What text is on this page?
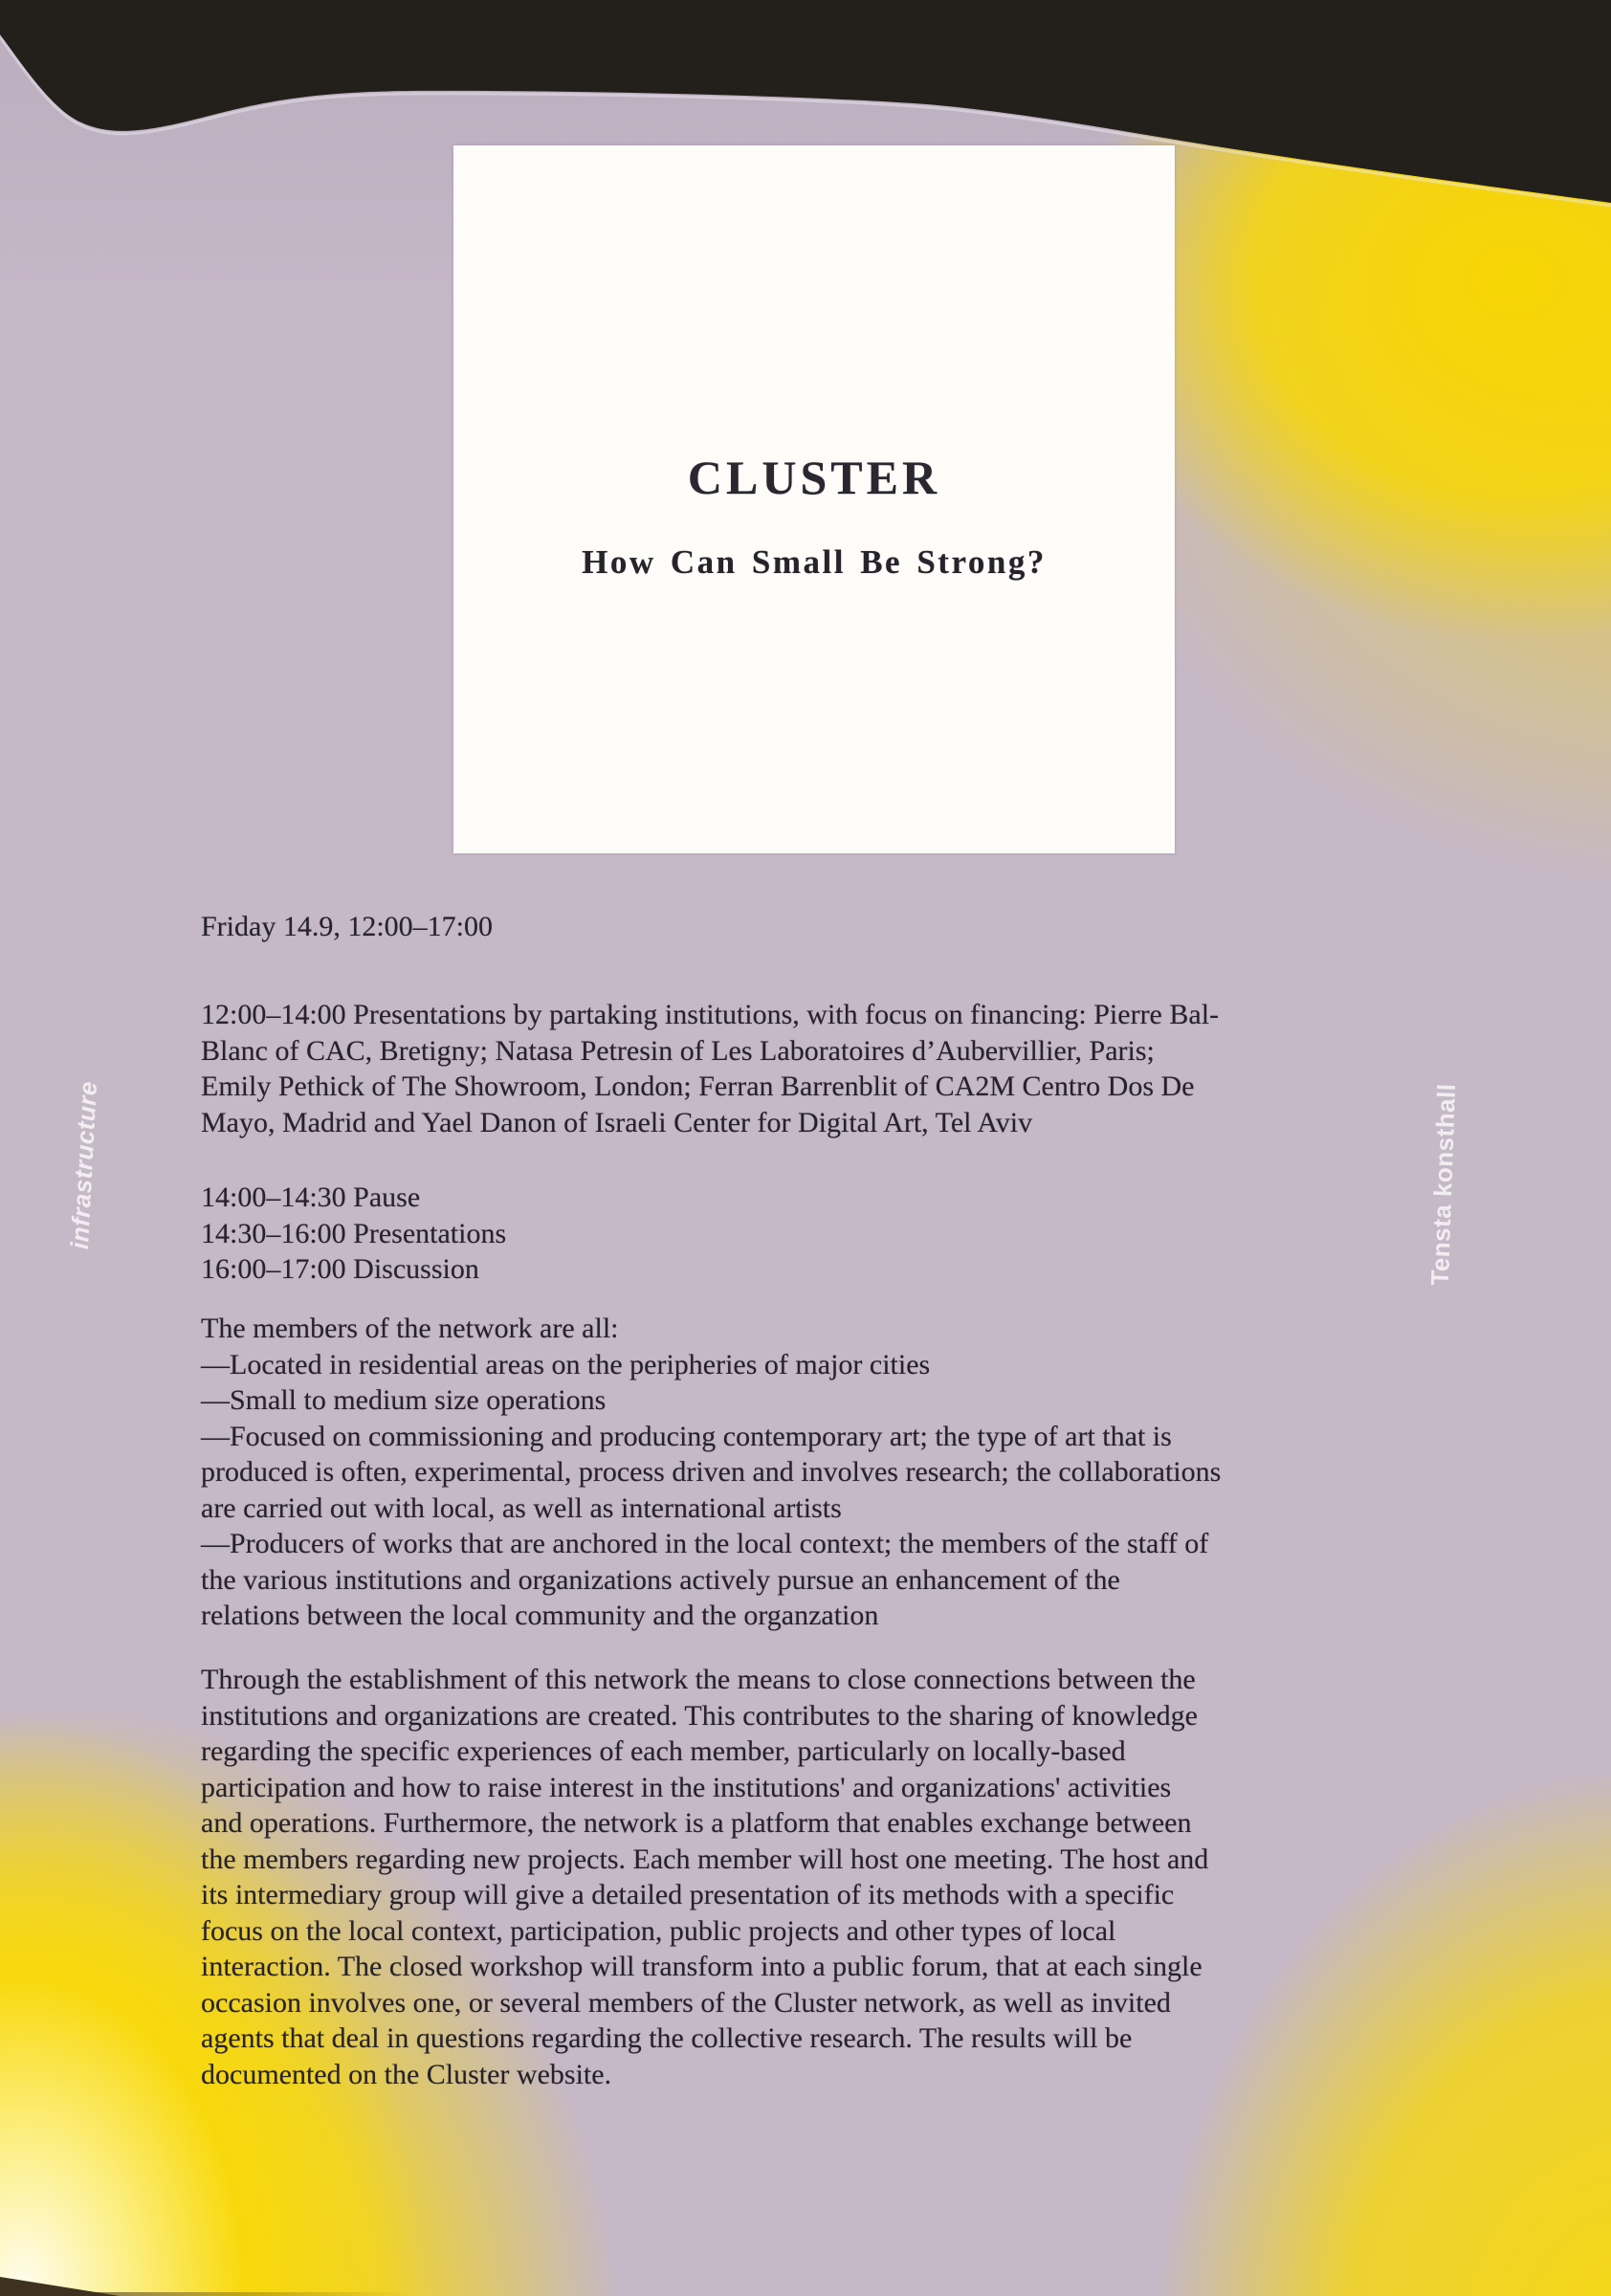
CLUSTER
How Can Small Be Strong?
Friday 14.9, 12:00–17:00
12:00–14:00 Presentations by partaking institutions, with focus on financing: Pierre Bal-
Blanc of CAC, Bretigny; Natasa Petresin of Les Laboratoires d’Aubervillier, Paris;
Emily Pethick of The Showroom, London; Ferran Barrenblit of CA2M Centro Dos De
Mayo, Madrid and Yael Danon of Israeli Center for Digital Art, Tel Aviv
14:00–14:30 Pause
14:30–16:00 Presentations
16:00–17:00 Discussion
The members of the network are all:
—Located in residential areas on the peripheries of major cities
—Small to medium size operations
—Focused on commissioning and producing contemporary art; the type of art that is
produced is often, experimental, process driven and involves research; the collaborations
are carried out with local, as well as international artists
—Producers of works that are anchored in the local context; the members of the staff of
the various institutions and organizations actively pursue an enhancement of the
relations between the local community and the organzation
Through the establishment of this network the means to close connections between the
institutions and organizations are created. This contributes to the sharing of knowledge
regarding the specific experiences of each member, particularly on locally-based
participation and how to raise interest in the institutions' and organizations' activities
and operations. Furthermore, the network is a platform that enables exchange between
the members regarding new projects. Each member will host one meeting. The host and
its intermediary group will give a detailed presentation of its methods with a specific
focus on the local context, participation, public projects and other types of local
interaction. The closed workshop will transform into a public forum, that at each single
occasion involves one, or several members of the Cluster network, as well as invited
agents that deal in questions regarding the collective research. The results will be
documented on the Cluster website.
infrastructure	Tensta konsthall
